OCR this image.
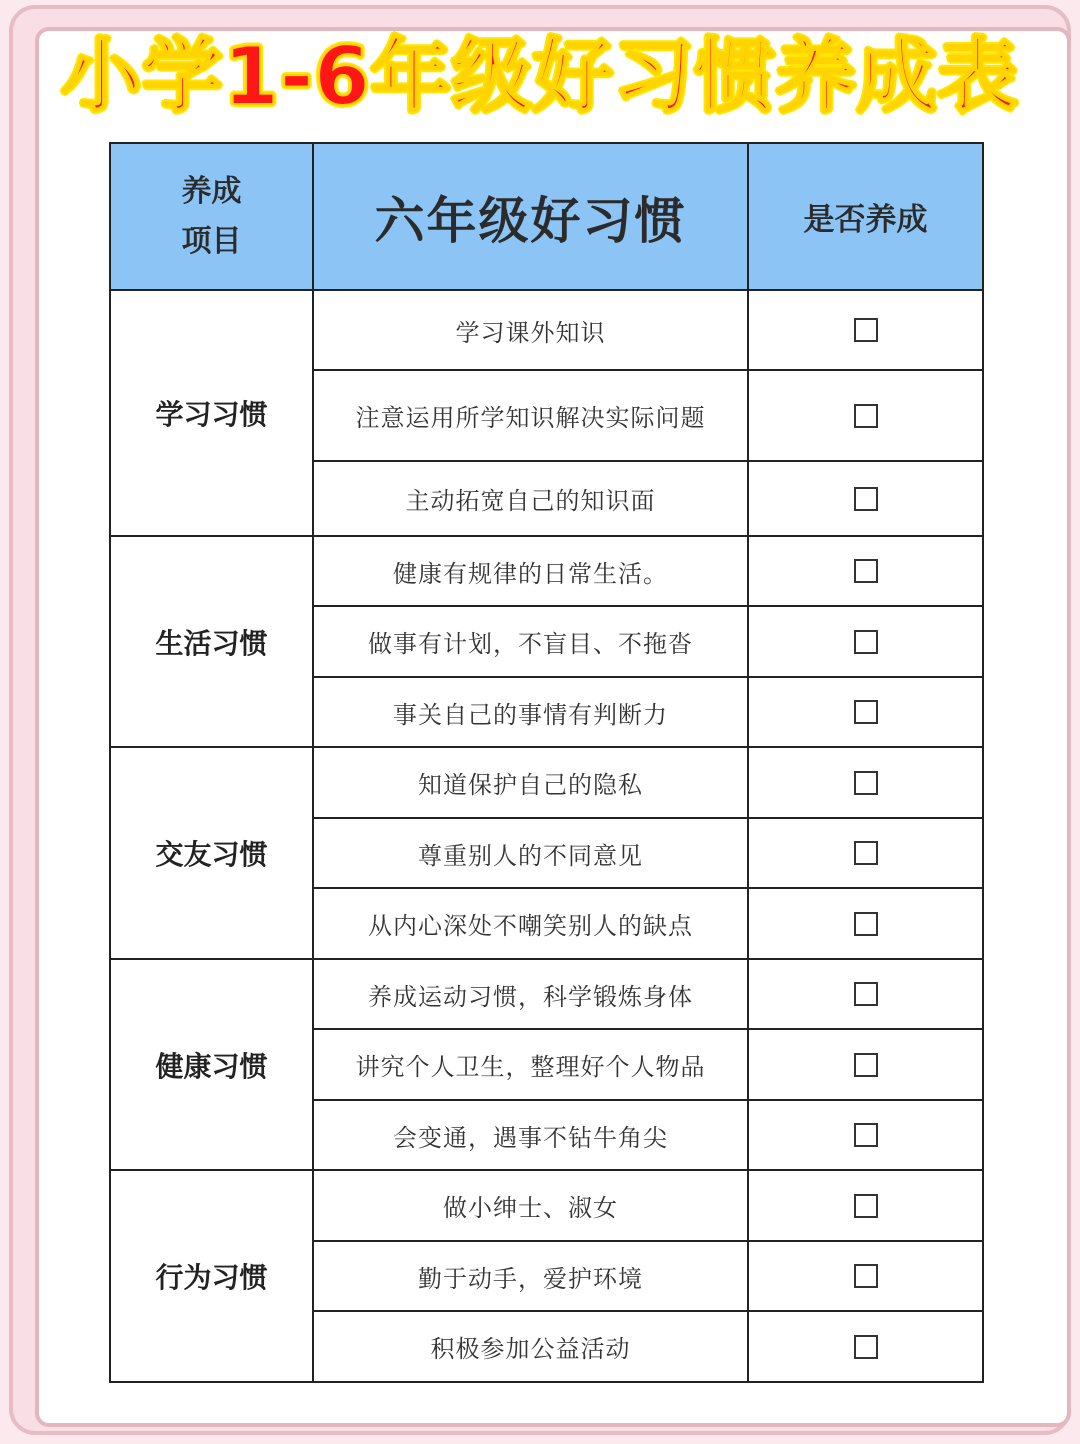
小学1-6年级好习惯养成表
养成
项目	六年级好习惯	是否养成
学习习惯	学习课外知识	
	注意运用所学知识解决实际问题	
	主动拓宽自己的知识面	
生活习惯	健康有规律的日常生活。	
	做事有计划，不盲目、不拖沓	
	事关自己的事情有判断力	
交友习惯	知道保护自己的隐私	
	尊重别人的不同意见	
	从内心深处不嘲笑别人的缺点	
健康习惯	养成运动习惯，科学锻炼身体	
	讲究个人卫生，整理好个人物品	
	会变通，遇事不钻牛角尖	
行为习惯	做小绅士、淑女	
	勤于动手，爱护环境	
	积极参加公益活动	
